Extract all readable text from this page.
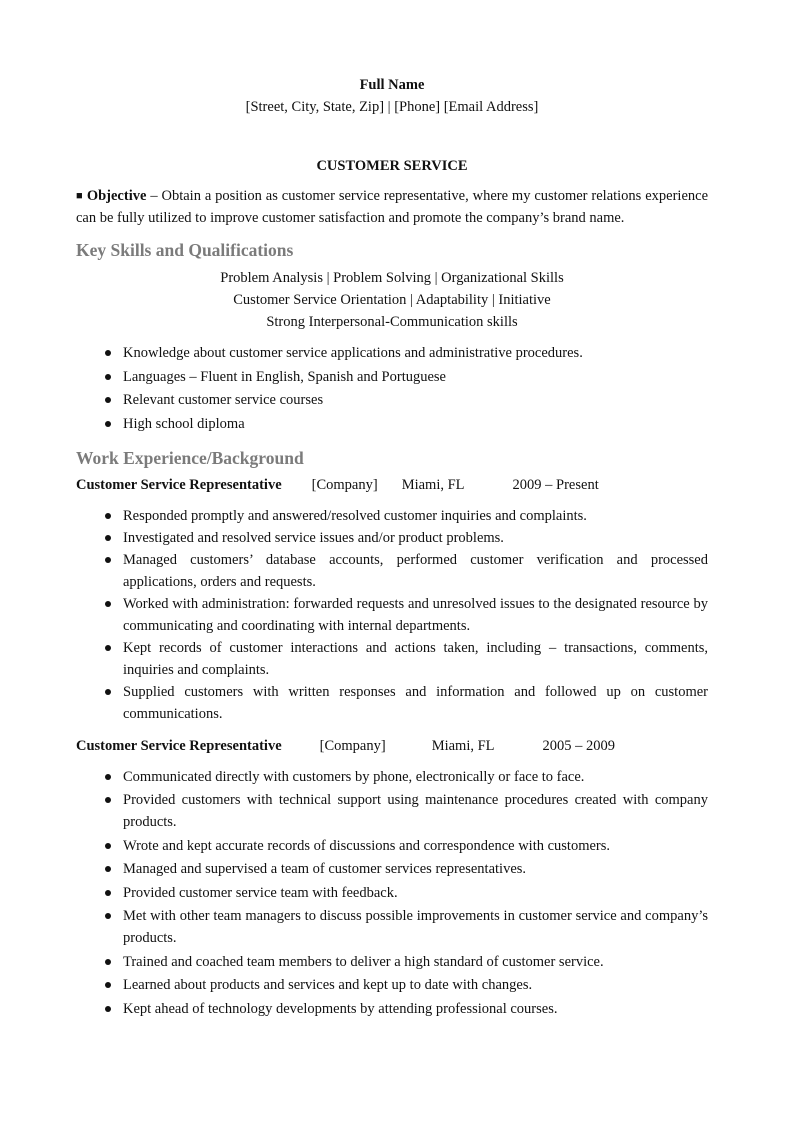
Full Name
[Street, City, State, Zip] | [Phone] [Email Address]
CUSTOMER SERVICE
■ Objective – Obtain a position as customer service representative, where my customer relations experience can be fully utilized to improve customer satisfaction and promote the company’s brand name.
Key Skills and Qualifications
Problem Analysis | Problem Solving | Organizational Skills
Customer Service Orientation | Adaptability | Initiative
Strong Interpersonal-Communication skills
Knowledge about customer service applications and administrative procedures.
Languages – Fluent in English, Spanish and Portuguese
Relevant customer service courses
High school diploma
Work Experience/Background
Customer Service Representative [Company] Miami, FL	2009 – Present
Responded promptly and answered/resolved customer inquiries and complaints.
Investigated and resolved service issues and/or product problems.
Managed customers’ database accounts, performed customer verification and processed applications, orders and requests.
Worked with administration: forwarded requests and unresolved issues to the designated resource by communicating and coordinating with internal departments.
Kept records of customer interactions and actions taken, including – transactions, comments, inquiries and complaints.
Supplied customers with written responses and information and followed up on customer communications.
Customer Service Representative	[Company]	Miami, FL	2005 – 2009
Communicated directly with customers by phone, electronically or face to face.
Provided customers with technical support using maintenance procedures created with company products.
Wrote and kept accurate records of discussions and correspondence with customers.
Managed and supervised a team of customer services representatives.
Provided customer service team with feedback.
Met with other team managers to discuss possible improvements in customer service and company’s products.
Trained and coached team members to deliver a high standard of customer service.
Learned about products and services and kept up to date with changes.
Kept ahead of technology developments by attending professional courses.
